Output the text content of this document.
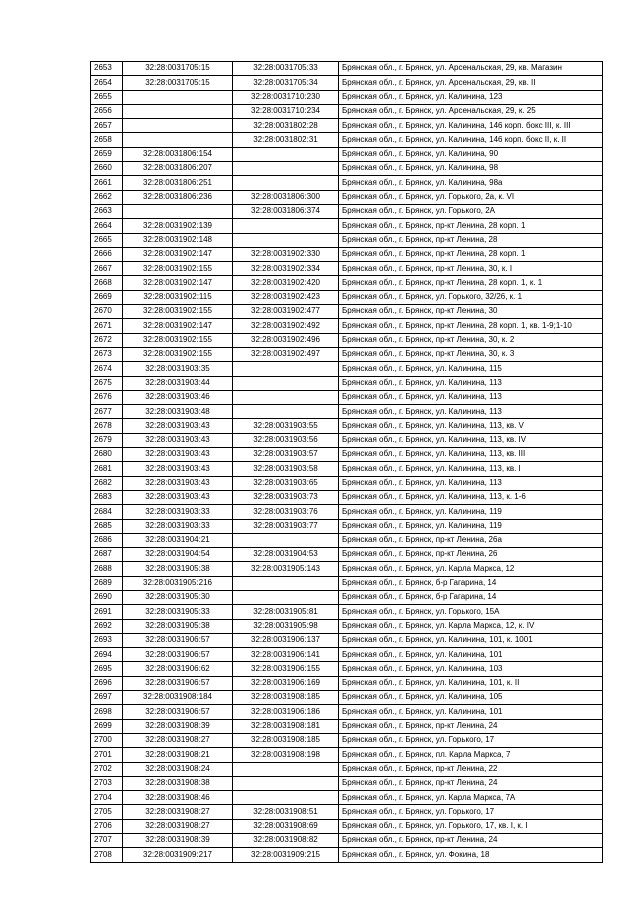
2653	32:28:0031705:15	32:28:0031705:33	Брянская обл., г. Брянск, ул. Арсенальская, 29, кв. Магазин
2654	32:28:0031705:15	32:28:0031705:34	Брянская обл., г. Брянск, ул. Арсенальская, 29, кв. II
2655		32:28:0031710:230	Брянская обл., г. Брянск, ул. Калинина, 123
2656		32:28:0031710:234	Брянская обл., г. Брянск, ул. Арсенальская, 29, к. 25
2657		32:28:0031802:28	Брянская обл., г. Брянск, ул. Калинина, 146 корп. бокс III, к. III
2658		32:28:0031802:31	Брянская обл., г. Брянск, ул. Калинина, 146 корп. бокс II, к. II
2659	32:28:0031806:154		Брянская обл., г. Брянск, ул. Калинина, 90
2660	32:28:0031806:207		Брянская обл., г. Брянск, ул. Калинина, 98
2661	32:28:0031806:251		Брянская обл., г. Брянск, ул. Калинина, 98а
2662	32:28:0031806:236	32:28:0031806:300	Брянская обл., г. Брянск, ул. Горького, 2а, к. VI
2663		32:28:0031806:374	Брянская обл., г. Брянск, ул. Горького, 2А
2664	32:28:0031902:139		Брянская обл., г. Брянск, пр-кт Ленина, 28 корп. 1
2665	32:28:0031902:148		Брянская обл., г. Брянск, пр-кт Ленина, 28
2666	32:28:0031902:147	32:28:0031902:330	Брянская обл., г. Брянск, пр-кт Ленина, 28 корп. 1
2667	32:28:0031902:155	32:28:0031902:334	Брянская обл., г. Брянск, пр-кт Ленина, 30, к. I
2668	32:28:0031902:147	32:28:0031902:420	Брянская обл., г. Брянск, пр-кт Ленина, 28 корп. 1, к. 1
2669	32:28:0031902:115	32:28:0031902:423	Брянская обл., г. Брянск, ул. Горького, 32/26, к. 1
2670	32:28:0031902:155	32:28:0031902:477	Брянская обл., г. Брянск, пр-кт Ленина, 30
2671	32:28:0031902:147	32:28:0031902:492	Брянская обл., г. Брянск, пр-кт Ленина, 28 корп. 1, кв. 1-9;1-10
2672	32:28:0031902:155	32:28:0031902:496	Брянская обл., г. Брянск, пр-кт Ленина, 30, к. 2
2673	32:28:0031902:155	32:28:0031902:497	Брянская обл., г. Брянск, пр-кт Ленина, 30, к. 3
2674	32:28:0031903:35		Брянская обл., г. Брянск, ул. Калинина, 115
2675	32:28:0031903:44		Брянская обл., г. Брянск, ул. Калинина, 113
2676	32:28:0031903:46		Брянская обл., г. Брянск, ул. Калинина, 113
2677	32:28:0031903:48		Брянская обл., г. Брянск, ул. Калинина, 113
2678	32:28:0031903:43	32:28:0031903:55	Брянская обл., г. Брянск, ул. Калинина, 113, кв. V
2679	32:28:0031903:43	32:28:0031903:56	Брянская обл., г. Брянск, ул. Калинина, 113, кв. IV
2680	32:28:0031903:43	32:28:0031903:57	Брянская обл., г. Брянск, ул. Калинина, 113, кв. III
2681	32:28:0031903:43	32:28:0031903:58	Брянская обл., г. Брянск, ул. Калинина, 113, кв. I
2682	32:28:0031903:43	32:28:0031903:65	Брянская обл., г. Брянск, ул. Калинина, 113
2683	32:28:0031903:43	32:28:0031903:73	Брянская обл., г. Брянск, ул. Калинина, 113, к. 1-6
2684	32:28:0031903:33	32:28:0031903:76	Брянская обл., г. Брянск, ул. Калинина, 119
2685	32:28:0031903:33	32:28:0031903:77	Брянская обл., г. Брянск, ул. Калинина, 119
2686	32:28:0031904:21		Брянская обл., г. Брянск, пр-кт Ленина, 26а
2687	32:28:0031904:54	32:28:0031904:53	Брянская обл., г. Брянск, пр-кт Ленина, 26
2688	32:28:0031905:38	32:28:0031905:143	Брянская обл., г. Брянск, ул. Карла Маркса, 12
2689	32:28:0031905:216		Брянская обл., г. Брянск, б-р Гагарина, 14
2690	32:28:0031905:30		Брянская обл., г. Брянск, б-р Гагарина, 14
2691	32:28:0031905:33	32:28:0031905:81	Брянская обл., г. Брянск, ул. Горького, 15А
2692	32:28:0031905:38	32:28:0031905:98	Брянская обл., г. Брянск, ул. Карла Маркса, 12, к. IV
2693	32:28:0031906:57	32:28:0031906:137	Брянская обл., г. Брянск, ул. Калинина, 101, к. 1001
2694	32:28:0031906:57	32:28:0031906:141	Брянская обл., г. Брянск, ул. Калинина, 101
2695	32:28:0031906:62	32:28:0031906:155	Брянская обл., г. Брянск, ул. Калинина, 103
2696	32:28:0031906:57	32:28:0031906:169	Брянская обл., г. Брянск, ул. Калинина, 101, к. II
2697	32:28:0031908:184	32:28:0031908:185	Брянская обл., г. Брянск, ул. Калинина, 105
2698	32:28:0031906:57	32:28:0031906:186	Брянская обл., г. Брянск, ул. Калинина, 101
2699	32:28:0031908:39	32:28:0031908:181	Брянская обл., г. Брянск, пр-кт Ленина, 24
2700	32:28:0031908:27	32:28:0031908:185	Брянская обл., г. Брянск, ул. Горького, 17
2701	32:28:0031908:21	32:28:0031908:198	Брянская обл., г. Брянск, пл. Карла Маркса, 7
2702	32:28:0031908:24		Брянская обл., г. Брянск, пр-кт Ленина, 22
2703	32:28:0031908:38		Брянская обл., г. Брянск, пр-кт Ленина, 24
2704	32:28:0031908:46		Брянская обл., г. Брянск, ул. Карла Маркса, 7А
2705	32:28:0031908:27	32:28:0031908:51	Брянская обл., г. Брянск, ул. Горького, 17
2706	32:28:0031908:27	32:28:0031908:69	Брянская обл., г. Брянск, ул. Горького, 17, кв. I, к. I
2707	32:28:0031908:39	32:28:0031908:82	Брянская обл., г. Брянск, пр-кт Ленина, 24
2708	32:28:0031909:217	32:28:0031909:215	Брянская обл., г. Брянск, ул. Фокина, 18
